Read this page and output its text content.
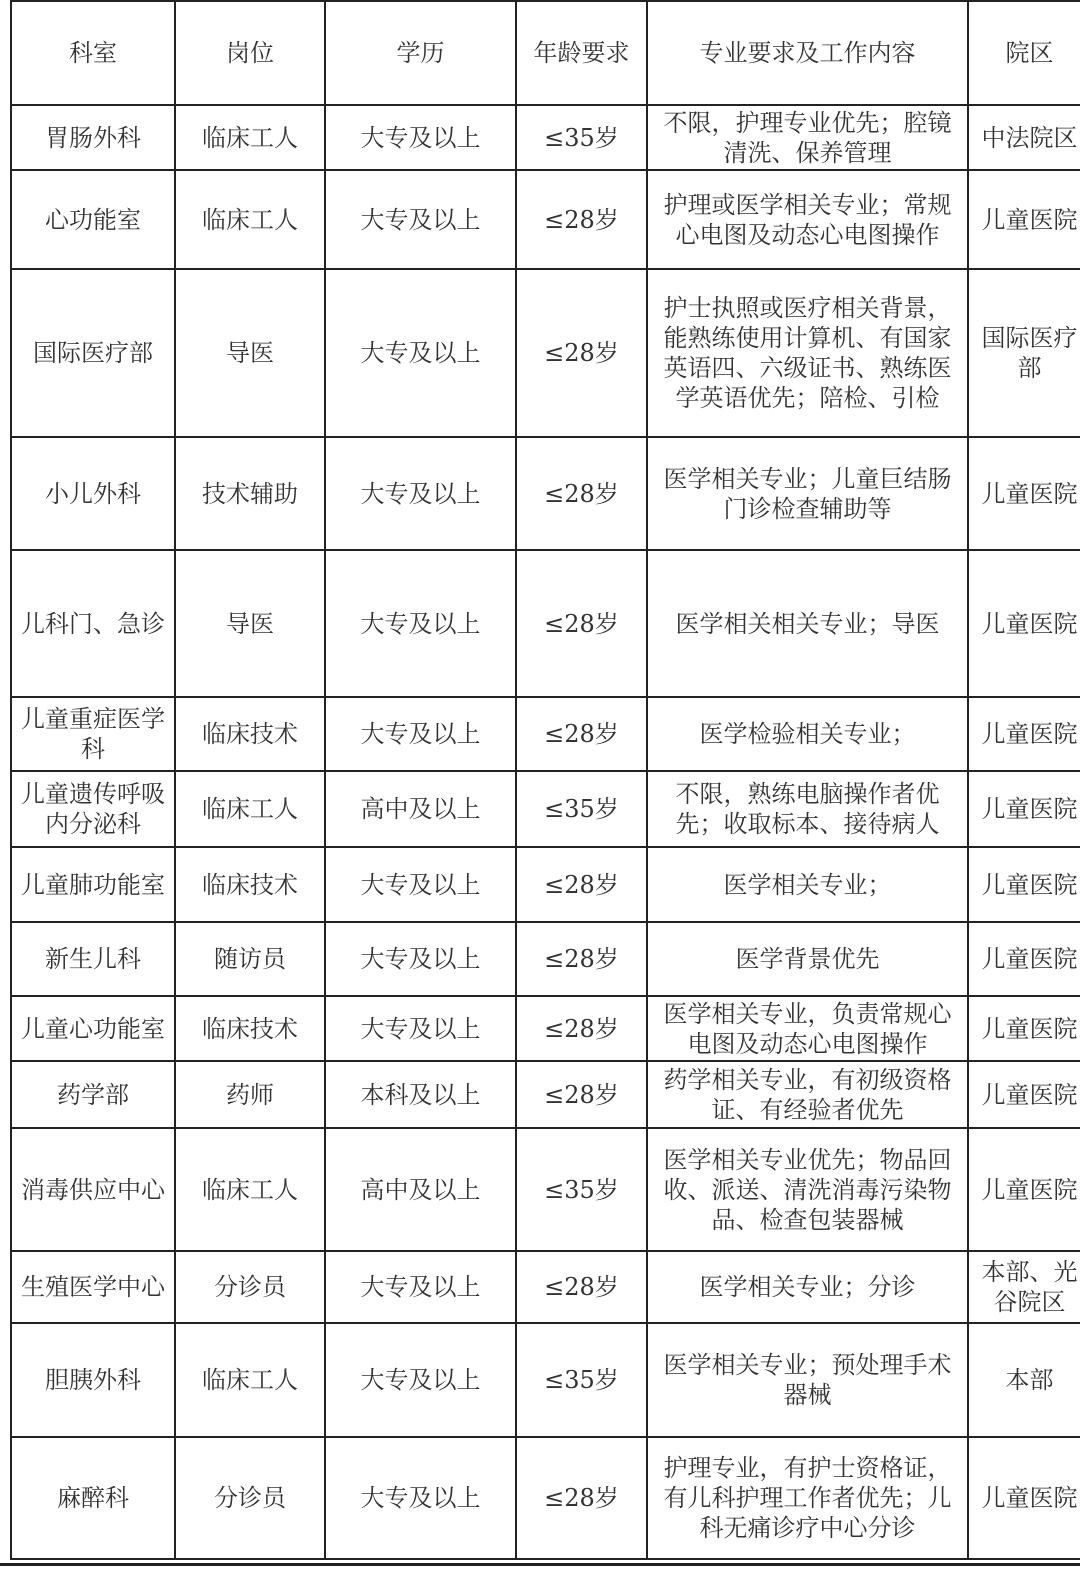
科室	岗位	学历	年龄要求	专业要求及工作内容	院区
胃肠外科	临床工人	大专及以上	≤35岁	不限，护理专业优先；腔镜清洗、保养管理	中法院区
心功能室	临床工人	大专及以上	≤28岁	护理或医学相关专业；常规心电图及动态心电图操作	儿童医院
国际医疗部	导医	大专及以上	≤28岁	护士执照或医疗相关背景，能熟练使用计算机、有国家英语四、六级证书、熟练医学英语优先；陪检、引检	国际医疗部
小儿外科	技术辅助	大专及以上	≤28岁	医学相关专业；儿童巨结肠门诊检查辅助等	儿童医院
儿科门、急诊	导医	大专及以上	≤28岁	医学相关相关专业；导医	儿童医院
儿童重症医学科	临床技术	大专及以上	≤28岁	医学检验相关专业；	儿童医院
儿童遗传呼吸内分泌科	临床工人	高中及以上	≤35岁	不限，熟练电脑操作者优先；收取标本、接待病人	儿童医院
儿童肺功能室	临床技术	大专及以上	≤28岁	医学相关专业；	儿童医院
新生儿科	随访员	大专及以上	≤28岁	医学背景优先	儿童医院
儿童心功能室	临床技术	大专及以上	≤28岁	医学相关专业，负责常规心电图及动态心电图操作	儿童医院
药学部	药师	本科及以上	≤28岁	药学相关专业，有初级资格证、有经验者优先	儿童医院
消毒供应中心	临床工人	高中及以上	≤35岁	医学相关专业优先；物品回收、派送、清洗消毒污染物品、检查包装器械	儿童医院
生殖医学中心	分诊员	大专及以上	≤28岁	医学相关专业；分诊	本部、光谷院区
胆胰外科	临床工人	大专及以上	≤35岁	医学相关专业；预处理手术器械	本部
麻醉科	分诊员	大专及以上	≤28岁	护理专业，有护士资格证，有儿科护理工作者优先；儿科无痛诊疗中心分诊	儿童医院
